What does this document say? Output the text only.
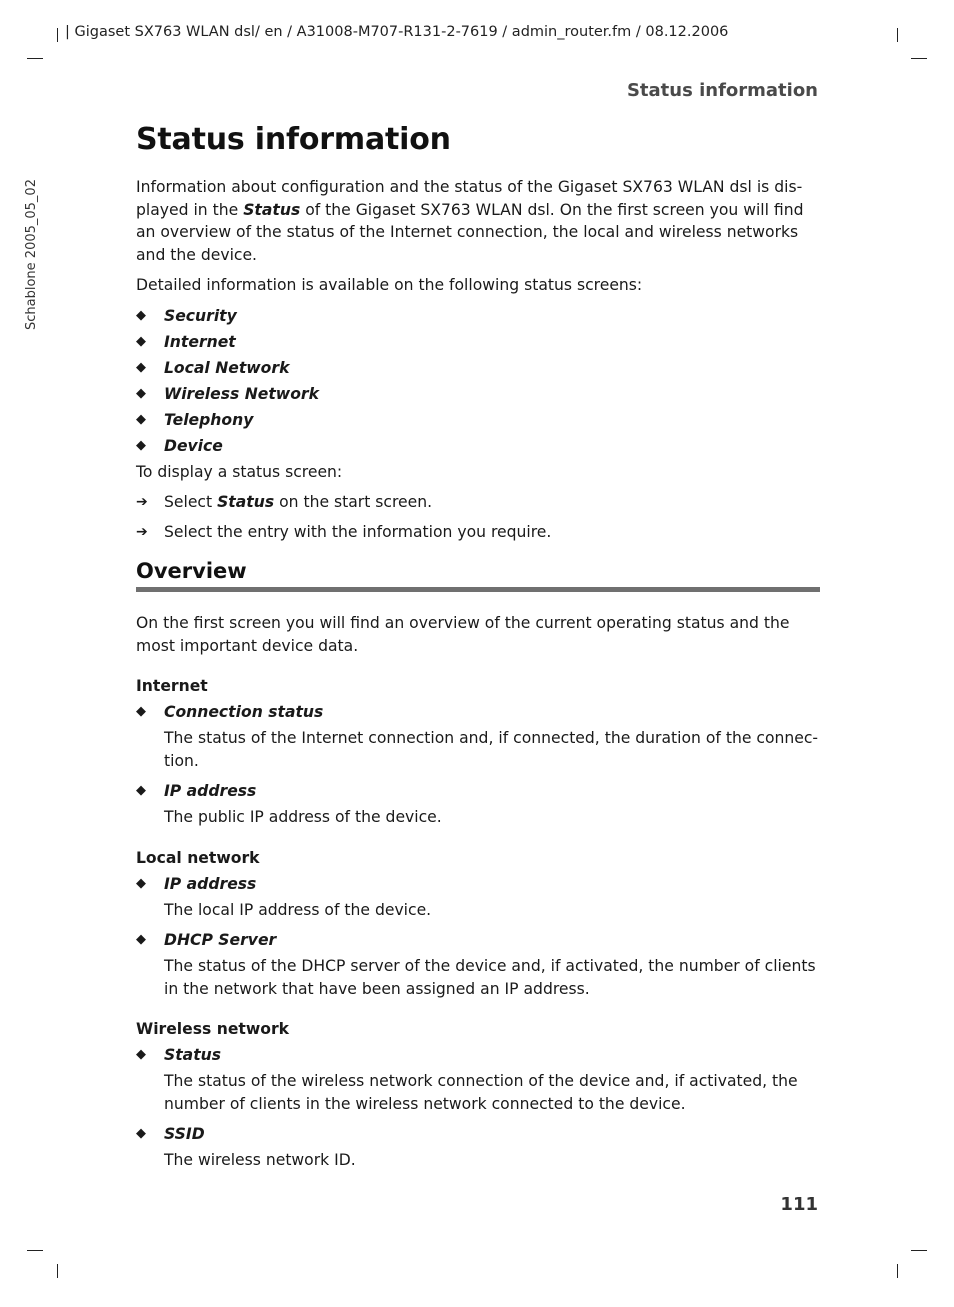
| Gigaset SX763 WLAN dsl/ en / A31008-M707-R131-2-7619 / admin_router.fm / 08.12.2006
Status information
Schablone 2005_05_02
Status information

Information about configuration and the status of the Gigaset SX763 WLAN dsl is dis-played in the Status of the Gigaset SX763 WLAN dsl. On the first screen you will find an overview of the status of the Internet connection, the local and wireless networks and the device.

Detailed information is available on the following status screens:

◆	Security
◆	Internet
◆	Local Network
◆	Wireless Network
◆	Telephony
◆	Device

To display a status screen:

➔	Select Status on the start screen.
➔	Select the entry with the information you require.
Overview

On the first screen you will find an overview of the current operating status and the most important device data.

Internet
◆	Connection status

The status of the Internet connection and, if connected, the duration of the connec-tion.

◆	IP address

The public IP address of the device.

Local network
◆	IP address

The local IP address of the device.

◆	DHCP Server

The status of the DHCP server of the device and, if activated, the number of clients in the network that have been assigned an IP address.

Wireless network
◆	Status

The status of the wireless network connection of the device and, if activated, the number of clients in the wireless network connected to the device.

◆	SSID

The wireless network ID.

111
